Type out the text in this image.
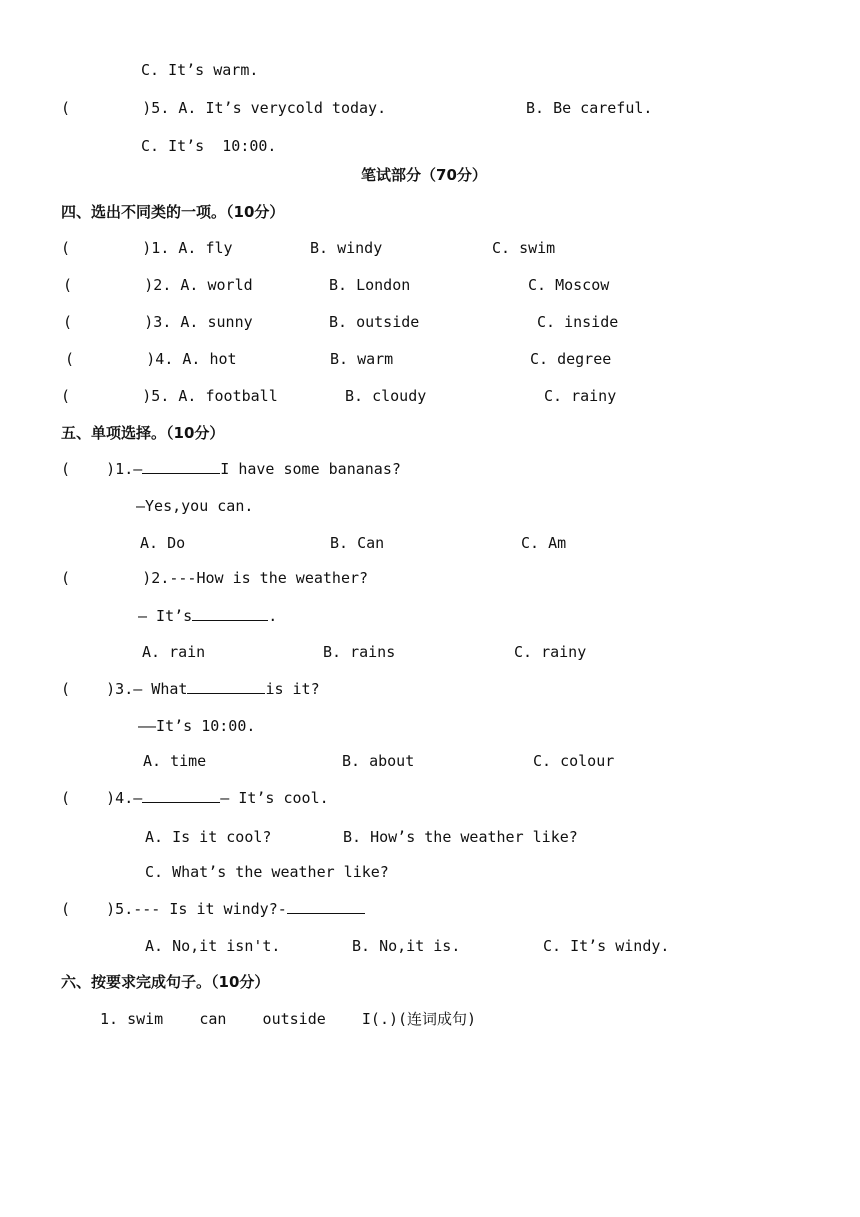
C. It’s warm.
(        )5. A. It’s verycold today.	B. Be careful.
C. It’s  10:00.
笔试部分（70分）
四、选出不同类的一项。（10分）
(        )1. A. fly	B. windy	C. swim
(        )2. A. world	B. London	C. Moscow
(        )3. A. sunny	B. outside	C. inside
(        )4. A. hot	B. warm	C. degree
(        )5. A. football	B. cloudy	C. rainy
五、单项选择。（10分）
(    )1.—	I have some bananas?
—Yes,you can.
A. Do	B. Can	C. Am
(        )2.---How is the weather?
— It’s	.
A. rain	B. rains	C. rainy
(    )3.— What	is it?
——It’s 10:00.
A. time	B. about	C. colour
(    )4.—	— It’s cool.
A. Is it cool?	B. How’s the weather like?
C. What’s the weather like?
(    )5.--- Is it windy?-
A. No,it isn't.	B. No,it is.	C. It’s windy.
六、按要求完成句子。（10分）
1. swim    can    outside    I(.)(连词成句)
